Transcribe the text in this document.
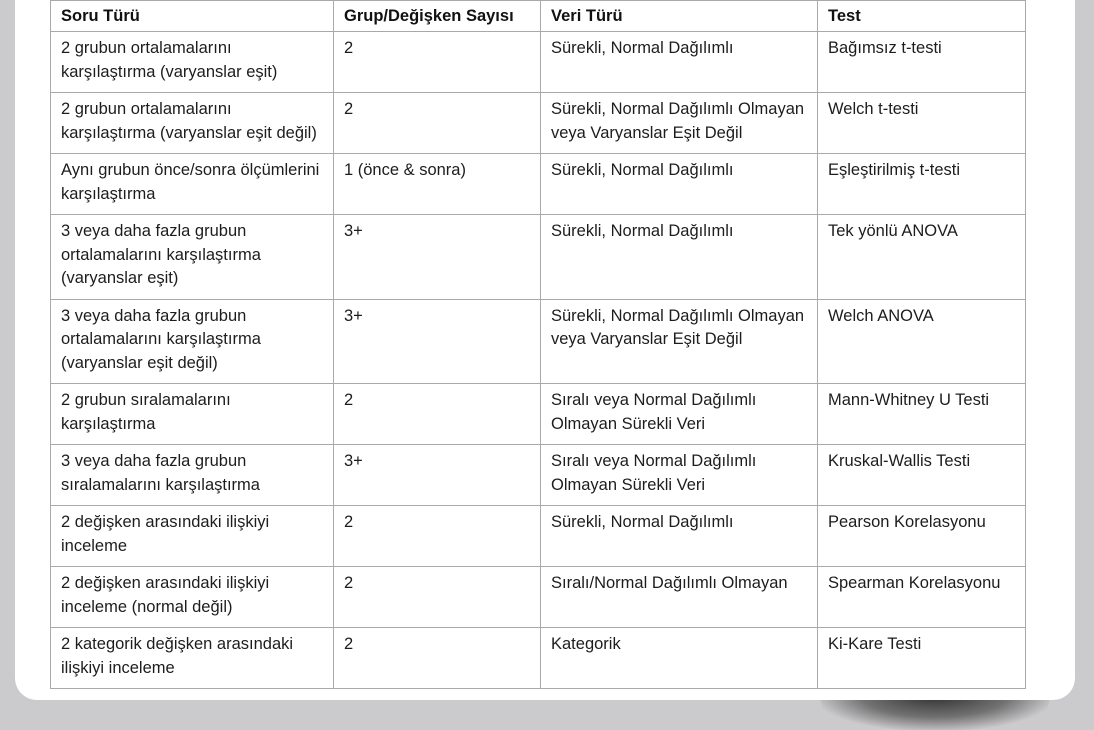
Soru Türü	Grup/Değişken Sayısı	Veri Türü	Test
2 grubun ortalamalarını karşılaştırma (varyanslar eşit)	2	Sürekli, Normal Dağılımlı	Bağımsız t-testi
2 grubun ortalamalarını karşılaştırma (varyanslar eşit değil)	2	Sürekli, Normal Dağılımlı Olmayan veya Varyanslar Eşit Değil	Welch t-testi
Aynı grubun önce/sonra ölçümlerini karşılaştırma	1 (önce & sonra)	Sürekli, Normal Dağılımlı	Eşleştirilmiş t-testi
3 veya daha fazla grubun ortalamalarını karşılaştırma (varyanslar eşit)	3+	Sürekli, Normal Dağılımlı	Tek yönlü ANOVA
3 veya daha fazla grubun ortalamalarını karşılaştırma (varyanslar eşit değil)	3+	Sürekli, Normal Dağılımlı Olmayan veya Varyanslar Eşit Değil	Welch ANOVA
2 grubun sıralamalarını karşılaştırma	2	Sıralı veya Normal Dağılımlı Olmayan Sürekli Veri	Mann-Whitney U Testi
3 veya daha fazla grubun sıralamalarını karşılaştırma	3+	Sıralı veya Normal Dağılımlı Olmayan Sürekli Veri	Kruskal-Wallis Testi
2 değişken arasındaki ilişkiyi inceleme	2	Sürekli, Normal Dağılımlı	Pearson Korelasyonu
2 değişken arasındaki ilişkiyi inceleme (normal değil)	2	Sıralı/Normal Dağılımlı Olmayan	Spearman Korelasyonu
2 kategorik değişken arasındaki ilişkiyi inceleme	2	Kategorik	Ki-Kare Testi
